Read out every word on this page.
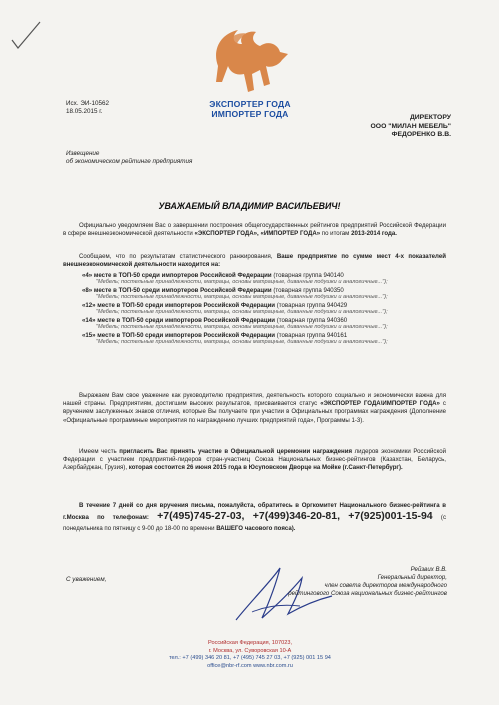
ЭКСПОРТЕР ГОДА
ИМПОРТЕР ГОДА
Исх. ЭИ-10562
18.05.2015 г.
ДИРЕКТОРУ
ООО "МИЛАН МЕБЕЛЬ"
ФЕДОРЕНКО В.В.
Извещение
об экономическом рейтинге предприятия
УВАЖАЕМЫЙ ВЛАДИМИР ВАСИЛЬЕВИЧ!

Официально уведомляем Вас о завершении построения общегосударственных рейтингов предприятий Российской Федерации в сфере внешнеэкономической деятельности «ЭКСПОРТЕР ГОДА», «ИМПОРТЕР ГОДА» по итогам 2013-2014 года.

Сообщаем, что по результатам статистического ранжирования, Ваше предприятие по сумме мест 4-х показателей внешнеэкономической деятельности находится на:

«4» месте в ТОП-50 среди импортеров Российской Федерации (товарная группа 940140
"Мебель; постельные принадлежности, матрацы, основы матрацные, диванные подушки и аналогичные...");
«8» месте в ТОП-50 среди импортеров Российской Федерации (товарная группа 940350
"Мебель; постельные принадлежности, матрацы, основы матрацные, диванные подушки и аналогичные...");
«12» месте в ТОП-50 среди импортеров Российской Федерации (товарная группа 940429
"Мебель; постельные принадлежности, матрацы, основы матрацные, диванные подушки и аналогичные...");
«14» месте в ТОП-50 среди импортеров Российской Федерации (товарная группа 940360
"Мебель; постельные принадлежности, матрацы, основы матрацные, диванные подушки и аналогичные...");
«15» месте в ТОП-50 среди импортеров Российской Федерации (товарная группа 940161
"Мебель; постельные принадлежности, матрацы, основы матрацные, диванные подушки и аналогичные...");

Выражаем Вам свое уважение как руководителю предприятия, деятельность которого социально и экономически важна для нашей страны. Предприятиям, достигшим высоких результатов, присваивается статус «ЭКСПОРТЕР ГОДА\ИМПОРТЕР ГОДА» с вручением заслуженных знаков отличия, которые Вы получаете при участии в Официальных программах награждения (Дополнение «Официальные программные мероприятия по награждению лучших предприятий года», Программы 1-3).

Имеем честь пригласить Вас принять участие в Официальной церемонии награждения лидеров экономики Российской Федерации с участием предприятий-лидеров стран-участниц Союза Национальных бизнес-рейтингов (Казахстан, Беларусь, Азербайджан, Грузия), которая состоится 26 июня 2015 года в Юсуповском Дворце на Мойке (г.Санкт-Петербург).

В течение 7 дней со дня вручения письма, пожалуйста, обратитесь в Оргкомитет Национального бизнес-рейтинга в г.Москва по телефонам: +7(495)745-27-03, +7(499)346-20-81, +7(925)001-15-94 (с понедельника по пятницу с 9-00 до 18-00 по времени ВАШЕГО часового пояса).

С уважением,
Рейзвих В.В.
Генеральный директор,
член совета директоров международного
рейтингового Союза национальных бизнес-рейтингов
Российская Федерация, 107023,
г. Москва, ул. Суворовская 10-А
тел.: +7 (499) 346 20 81, +7 (495) 745 27 03, +7 (925) 001 15 94
office@nbr-rf.com www.nbr.com.ru
